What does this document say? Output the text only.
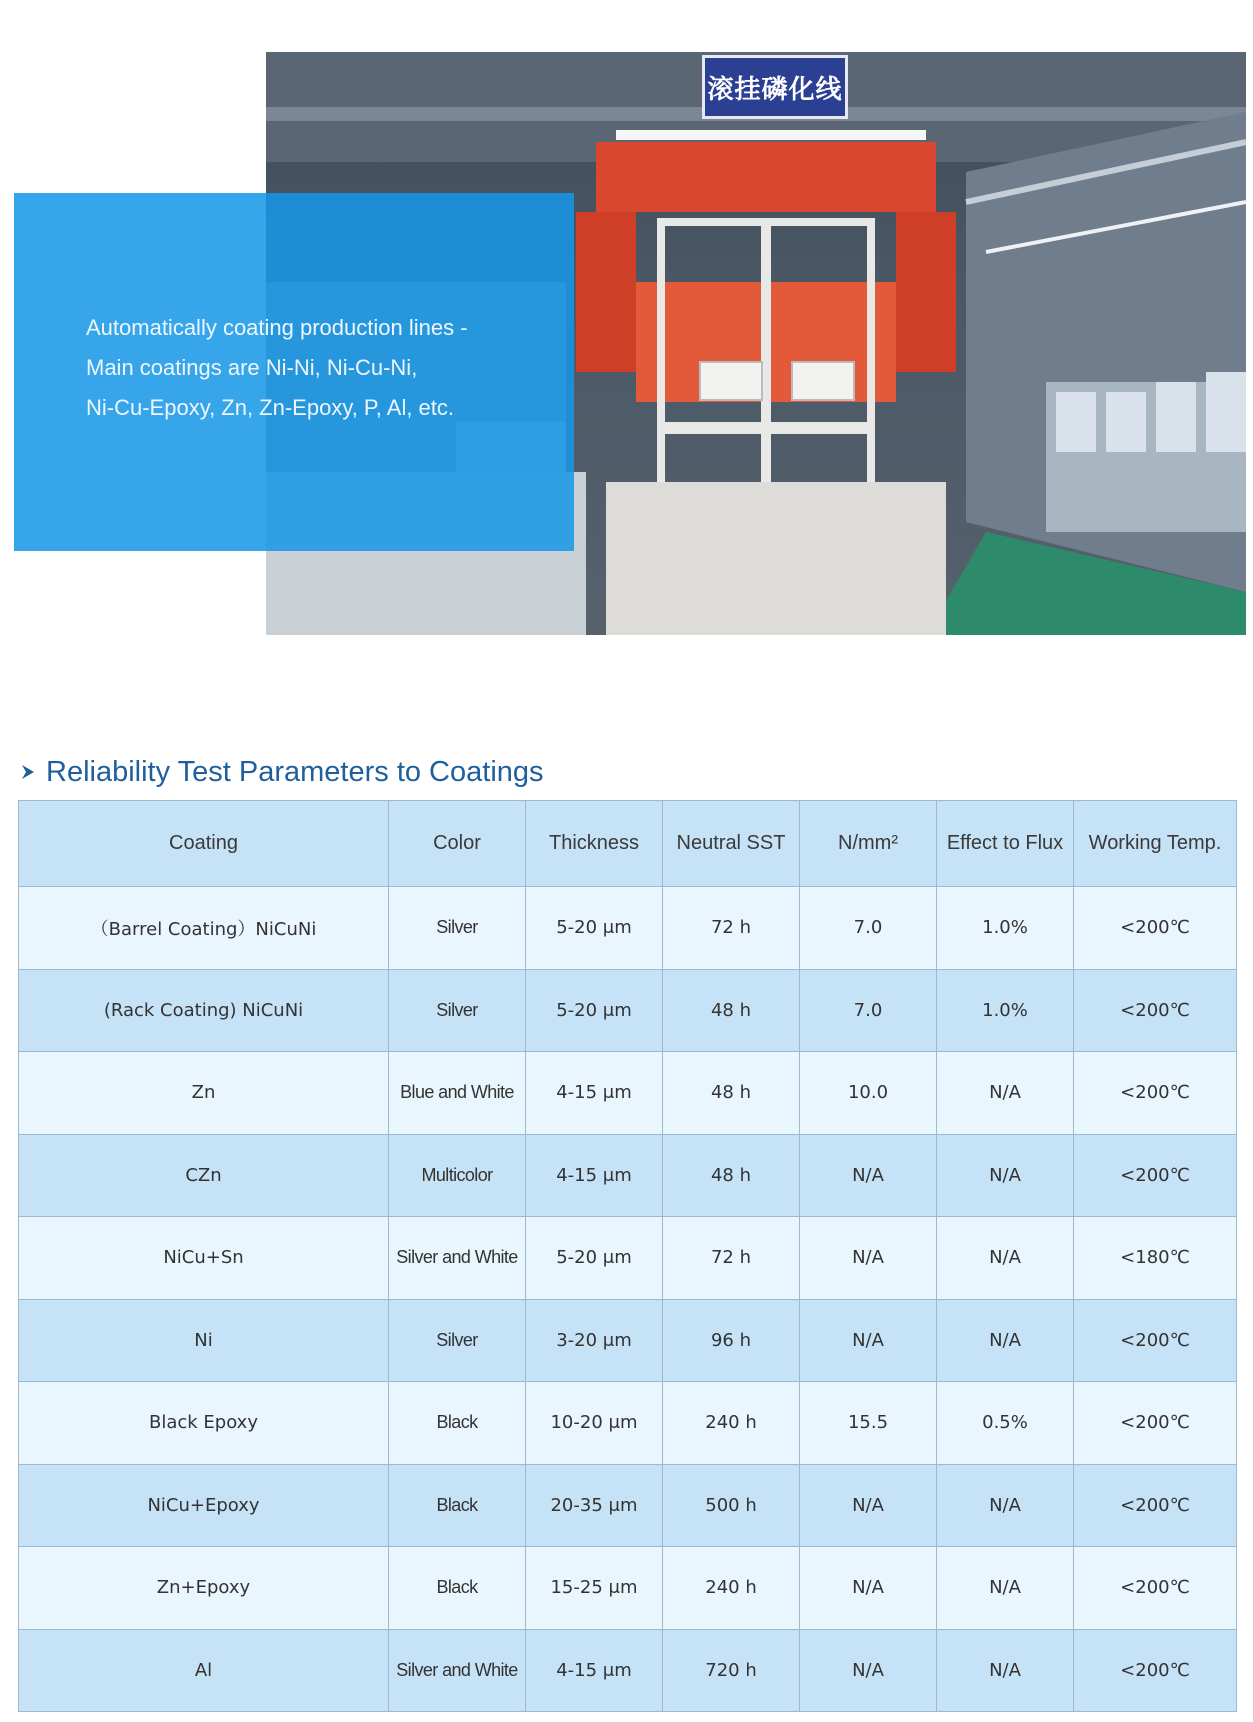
滚挂磷化线
Automatically coating production lines -
Main coatings are Ni-Ni, Ni-Cu-Ni,
Ni-Cu-Epoxy, Zn, Zn-Epoxy, P, Al, etc.
Reliability Test Parameters to Coatings
Coating	Color	Thickness	Neutral SST	N/mm²	Effect to Flux	Working Temp.
（Barrel Coating）NiCuNi	Silver	5-20 μm	72 h	7.0	1.0%	<200℃
(Rack Coating) NiCuNi	Silver	5-20 μm	48 h	7.0	1.0%	<200℃
Zn	Blue and White	4-15 μm	48 h	10.0	N/A	<200℃
CZn	Multicolor	4-15 μm	48 h	N/A	N/A	<200℃
NiCu+Sn	Silver and White	5-20 μm	72 h	N/A	N/A	<180℃
Ni	Silver	3-20 μm	96 h	N/A	N/A	<200℃
Black Epoxy	Black	10-20 μm	240 h	15.5	0.5%	<200℃
NiCu+Epoxy	Black	20-35 μm	500 h	N/A	N/A	<200℃
Zn+Epoxy	Black	15-25 μm	240 h	N/A	N/A	<200℃
Al	Silver and White	4-15 μm	720 h	N/A	N/A	<200℃
